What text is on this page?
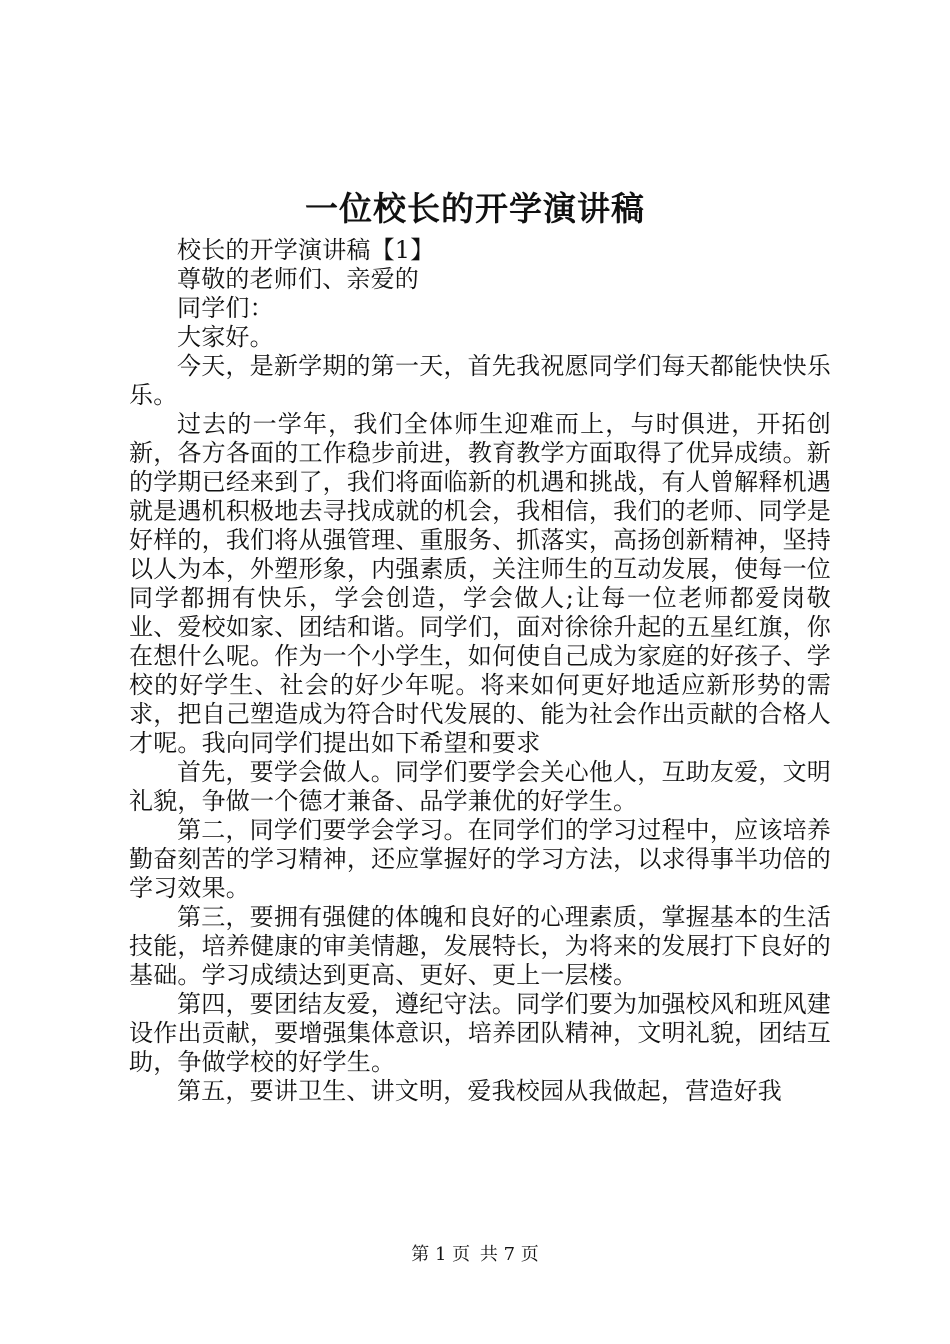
一位校长的开学演讲稿

校长的开学演讲稿【1】

尊敬的老师们、亲爱的

同学们：

大家好。

今天，是新学期的第一天，首先我祝愿同学们每天都能快快乐乐。

过去的一学年，我们全体师生迎难而上，与时俱进，开拓创新，各方各面的工作稳步前进，教育教学方面取得了优异成绩。新的学期已经来到了，我们将面临新的机遇和挑战，有人曾解释机遇就是遇机积极地去寻找成就的机会，我相信，我们的老师、同学是好样的，我们将从强管理、重服务、抓落实，高扬创新精神，坚持以人为本，外塑形象，内强素质，关注师生的互动发展，使每一位同学都拥有快乐，学会创造，学会做人;让每一位老师都爱岗敬业、爱校如家、团结和谐。同学们，面对徐徐升起的五星红旗，你在想什么呢。作为一个小学生，如何使自己成为家庭的好孩子、学校的好学生、社会的好少年呢。将来如何更好地适应新形势的需求，把自己塑造成为符合时代发展的、能为社会作出贡献的合格人才呢。我向同学们提出如下希望和要求

首先，要学会做人。同学们要学会关心他人，互助友爱，文明礼貌，争做一个德才兼备、品学兼优的好学生。

第二，同学们要学会学习。在同学们的学习过程中，应该培养勤奋刻苦的学习精神，还应掌握好的学习方法，以求得事半功倍的学习效果。

第三，要拥有强健的体魄和良好的心理素质，掌握基本的生活技能，培养健康的审美情趣，发展特长，为将来的发展打下良好的基础。学习成绩达到更高、更好、更上一层楼。

第四，要团结友爱，遵纪守法。同学们要为加强校风和班风建设作出贡献，要增强集体意识，培养团队精神，文明礼貌，团结互助，争做学校的好学生。

第五，要讲卫生、讲文明，爱我校园从我做起，营造好我

第 1 页 共 7 页
